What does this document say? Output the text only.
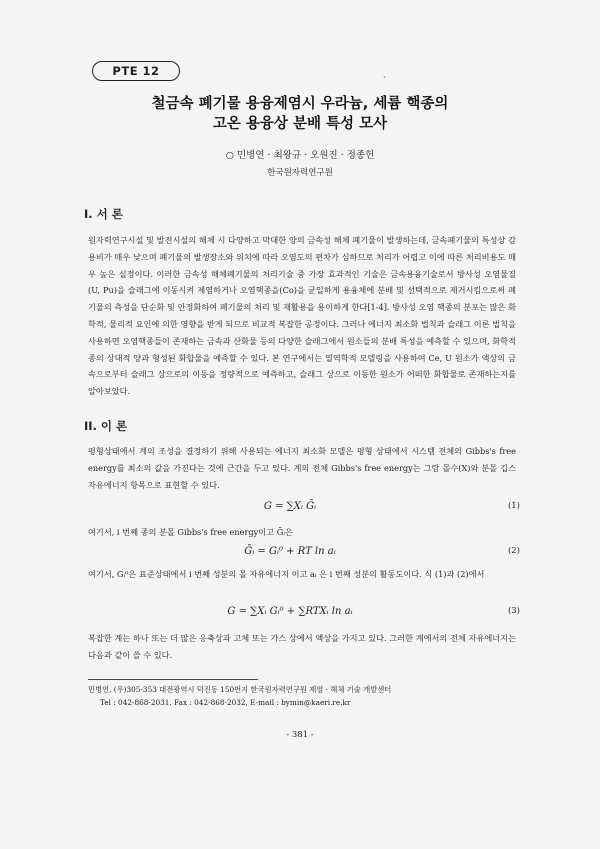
PTE 12	ˎ
철금속 폐기물 용융제염시 우라늄, 세륨 핵종의
고온 용융상 분배 특성 모사
○ 민병연 · 최왕규 · 오원진 · 정종헌
한국원자력연구원
I. 서 론
원자력연구시설 및 발전시설의 해체 시 다양하고 막대한 양의 금속성 해체 폐기물이 발생하는데, 금속폐기물의 특성상 감용비가 매우 낮으며 폐기물의 발생장소와 위치에 따라 오염도의 편차가 심하므로 처리가 어렵고 이에 따른 처리비용도 매우 높은 실정이다. 이러한 금속성 해체폐기물의 처리기술 중 가장 효과적인 기술은 금속용융기술로서 방사성 오염물질(U, Pu)을 슬래그에 이동시켜 제염하거나 오염핵종을(Co)을 균일하게 용융체에 분배 및 선택적으로 제거시킴으로써 폐기물의 측성을 단순화 및 안정화하여 폐기물의 처리 및 재활용을 용이하게 한다[1-4]. 방사성 오염 핵종의 분포는 많은 화학적, 물리적 요인에 의한 영향을 받게 되므로 비교적 복잡한 공정이다. 그러나 에너지 최소화 법칙과 슬래그 이론 법칙을 사용하면 오염핵종들이 존재하는 금속과 산화물 등의 다양한 슬래그에서 원소들의 분배 특성을 예측할 수 있으며, 화학적 종의 상대적 양과 형성된 화합물을 예측할 수 있다. 본 연구에서는 열역학적 모델링을 사용하여 Ce, U 원소가 액상의 금속으로부터 슬래그 상으로의 이동을 정량적으로 예측하고, 슬래그 상으로 이동한 원소가 어떠한 화합물로 존재하는지를 알아보았다.
II. 이 론
평형상태에서 계의 조성을 결정하기 위해 사용되는 에너지 최소화 모델은 평형 상태에서 시스템 전체의 Gibbs's free energy를 최소의 값을 가진다는 것에 근간을 두고 있다. 계의 전체 Gibbs's free energy는 그람 몰수(X)와 분몰 깁스 자유에너지 항목으로 표현할 수 있다.
G = ∑Xᵢ Ḡᵢ	(1)
여기서, i 번째 종의 분몰 Gibbs's free energy이고 Ḡᵢ은
Ḡᵢ = Gᵢ⁰ + RT ln aᵢ	(2)
여기서, Gᵢ⁰은 표준상태에서 i 번째 성분의 몰 자유에너지 이고 aᵢ 은 i 번째 성분의 활동도이다. 식 (1)과 (2)에서
G = ∑Xᵢ Gᵢ⁰ + ∑RTXᵢ ln aᵢ	(3)
복잡한 계는 하나 또는 더 많은 응축상과 고체 또는 가스 상에서 액상을 가지고 있다. 그러한 계에서의 전체 자유에너지는 다음과 같이 쓸 수 있다.
민병연, (우)305-353 대전광역시 덕진동 150번지 한국원자력연구원 제염 · 해체 기술 개발센터
Tel : 042-868-2031, Fax : 042-868-2032, E-mail : bymin@kaeri.re.kr
- 381 -
